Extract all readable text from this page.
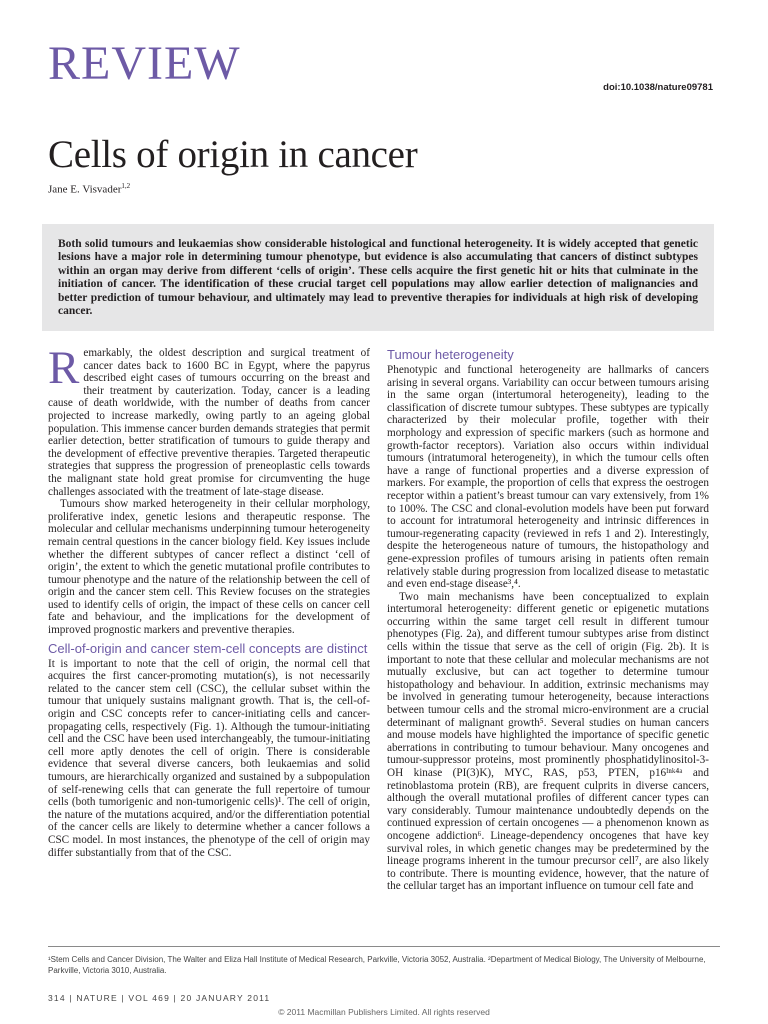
REVIEW	doi:10.1038/nature09781
Cells of origin in cancer
Jane E. Visvader$^{1,2}$

Both solid tumours and leukaemias show considerable histological and functional heterogeneity. It is widely accepted that genetic lesions have a major role in determining tumour phenotype, but evidence is also accumulating that cancers of distinct subtypes within an organ may derive from different ‘cells of origin’. These cells acquire the first genetic hit or hits that culminate in the initiation of cancer. The identification of these crucial target cell populations may allow earlier detection of malignancies and better prediction of tumour behaviour, and ultimately may lead to preventive therapies for individuals at high risk of developing cancer.

Remarkably, the oldest description and surgical treatment of cancer dates back to 1600 BC in Egypt, where the papyrus described eight cases of tumours occurring on the breast and their treatment by cauterization. Today, cancer is a leading cause of death worldwide, with the number of deaths from cancer projected to increase markedly, owing partly to an ageing global population. This immense cancer burden demands strategies that permit earlier detection, better stratification of tumours to guide therapy and the development of effective preventive therapies. Targeted therapeutic strategies that suppress the progression of preneoplastic cells towards the malignant state hold great promise for circumventing the huge challenges associated with the treatment of late-stage disease.

Tumours show marked heterogeneity in their cellular morphology, proliferative index, genetic lesions and therapeutic response. The molecular and cellular mechanisms underpinning tumour heterogeneity remain central questions in the cancer biology field. Key issues include whether the different subtypes of cancer reflect a distinct ‘cell of origin’, the extent to which the genetic mutational profile contributes to tumour phenotype and the nature of the relationship between the cell of origin and the cancer stem cell. This Review focuses on the strategies used to identify cells of origin, the impact of these cells on cancer cell fate and behaviour, and the implications for the development of improved prognostic markers and preventive therapies.

Cell-of-origin and cancer stem-cell concepts are distinct

It is important to note that the cell of origin, the normal cell that acquires the first cancer-promoting mutation(s), is not necessarily related to the cancer stem cell (CSC), the cellular subset within the tumour that uniquely sustains malignant growth. That is, the cell-of-origin and CSC concepts refer to cancer-initiating cells and cancer-propagating cells, respectively (Fig. 1). Although the tumour-initiating cell and the CSC have been used interchangeably, the tumour-initiating cell more aptly denotes the cell of origin. There is considerable evidence that several diverse cancers, both leukaemias and solid tumours, are hierarchically organized and sustained by a subpopulation of self-renewing cells that can generate the full repertoire of tumour cells (both tumorigenic and non-tumorigenic cells)¹. The cell of origin, the nature of the mutations acquired, and/or the differentiation potential of the cancer cells are likely to determine whether a cancer follows a CSC model. In most instances, the phenotype of the cell of origin may differ substantially from that of the CSC.

Tumour heterogeneity

Phenotypic and functional heterogeneity are hallmarks of cancers arising in several organs. Variability can occur between tumours arising in the same organ (intertumoral heterogeneity), leading to the classification of discrete tumour subtypes. These subtypes are typically characterized by their molecular profile, together with their morphology and expression of specific markers (such as hormone and growth-factor receptors). Variation also occurs within individual tumours (intratumoral heterogeneity), in which the tumour cells often have a range of functional properties and a diverse expression of markers. For example, the proportion of cells that express the oestrogen receptor within a patient’s breast tumour can vary extensively, from 1% to 100%. The CSC and clonal-evolution models have been put forward to account for intratumoral heterogeneity and intrinsic differences in tumour-regenerating capacity (reviewed in refs 1 and 2). Interestingly, despite the heterogeneous nature of tumours, the histopathology and gene-expression profiles of tumours arising in patients often remain relatively stable during progression from localized disease to metastatic and even end-stage disease³,⁴.

Two main mechanisms have been conceptualized to explain intertumoral heterogeneity: different genetic or epigenetic mutations occurring within the same target cell result in different tumour phenotypes (Fig. 2a), and different tumour subtypes arise from distinct cells within the tissue that serve as the cell of origin (Fig. 2b). It is important to note that these cellular and molecular mechanisms are not mutually exclusive, but can act together to determine tumour histopathology and behaviour. In addition, extrinsic mechanisms may be involved in generating tumour heterogeneity, because interactions between tumour cells and the stromal micro-environment are a crucial determinant of malignant growth⁵. Several studies on human cancers and mouse models have highlighted the importance of specific genetic aberrations in contributing to tumour behaviour. Many oncogenes and tumour-suppressor proteins, most prominently phosphatidylinositol-3-OH kinase (PI(3)K), MYC, RAS, p53, PTEN, p16ᴵⁿᵏ⁴ᵃ and retinoblastoma protein (RB), are frequent culprits in diverse cancers, although the overall mutational profiles of different cancer types can vary considerably. Tumour maintenance undoubtedly depends on the continued expression of certain oncogenes — a phenomenon known as oncogene addiction⁶. Lineage-dependency oncogenes that have key survival roles, in which genetic changes may be predetermined by the lineage programs inherent in the tumour precursor cell⁷, are also likely to contribute. There is mounting evidence, however, that the nature of the cellular target has an important influence on tumour cell fate and

¹Stem Cells and Cancer Division, The Walter and Eliza Hall Institute of Medical Research, Parkville, Victoria 3052, Australia. ²Department of Medical Biology, The University of Melbourne, Parkville, Victoria 3010, Australia.
314 | NATURE | VOL 469 | 20 JANUARY 2011
© 2011 Macmillan Publishers Limited. All rights reserved
